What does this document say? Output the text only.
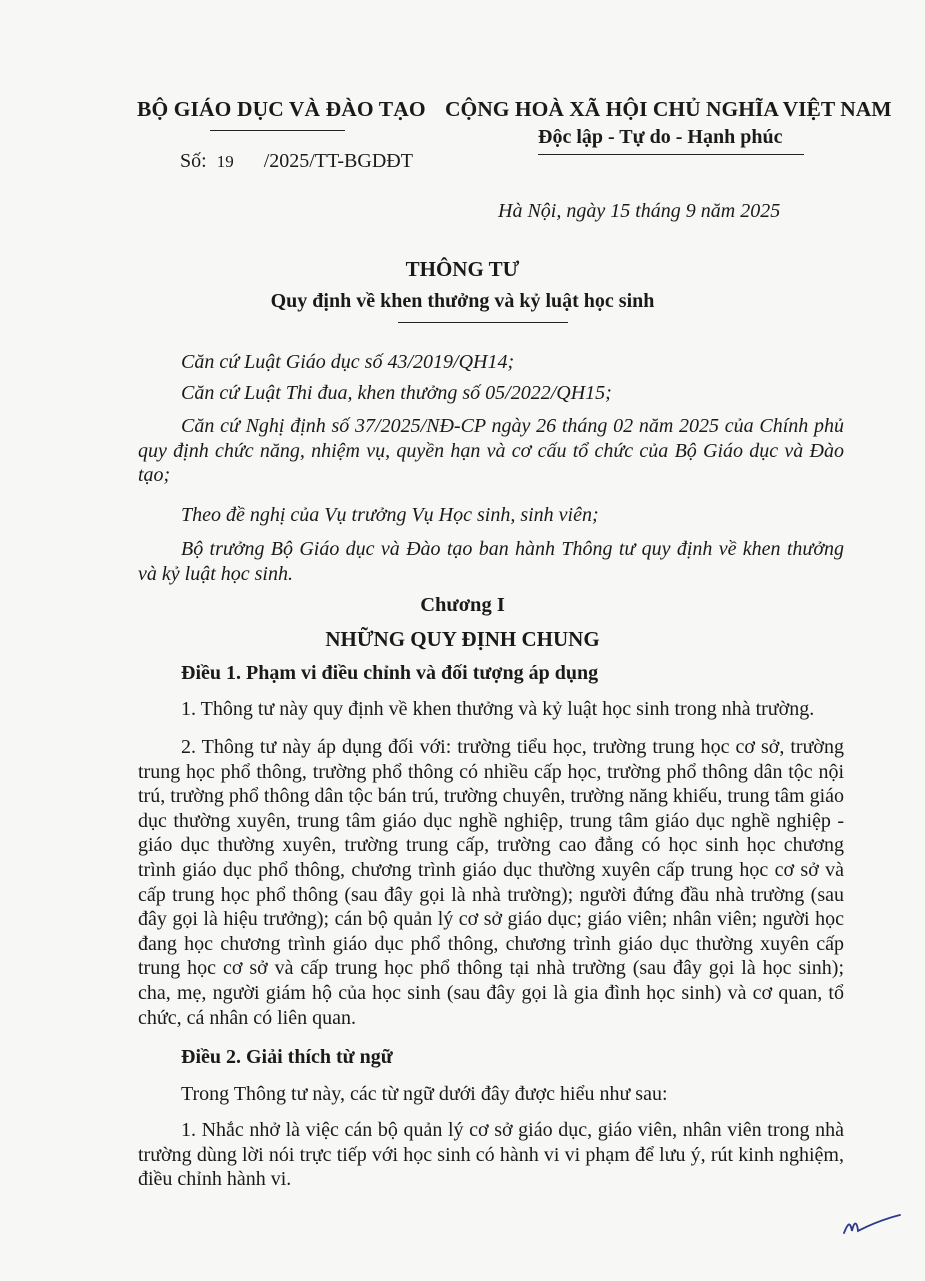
BỘ GIÁO DỤC VÀ ĐÀO TẠO CỘNG HOÀ XÃ HỘI CHỦ NGHĨA VIỆT NAM
Độc lập - Tự do - Hạnh phúc
Số: 19 /2025/TT-BGDĐT
Hà Nội, ngày 15 tháng 9 năm 2025
THÔNG TƯ
Quy định về khen thưởng và kỷ luật học sinh
Căn cứ Luật Giáo dục số 43/2019/QH14;
Căn cứ Luật Thi đua, khen thưởng số 05/2022/QH15;
Căn cứ Nghị định số 37/2025/NĐ-CP ngày 26 tháng 02 năm 2025 của Chính phủ quy định chức năng, nhiệm vụ, quyền hạn và cơ cấu tổ chức của Bộ Giáo dục và Đào tạo;
Theo đề nghị của Vụ trưởng Vụ Học sinh, sinh viên;
Bộ trưởng Bộ Giáo dục và Đào tạo ban hành Thông tư quy định về khen thưởng và kỷ luật học sinh.
Chương I
NHỮNG QUY ĐỊNH CHUNG
Điều 1. Phạm vi điều chỉnh và đối tượng áp dụng
1. Thông tư này quy định về khen thưởng và kỷ luật học sinh trong nhà trường.
2. Thông tư này áp dụng đối với: trường tiểu học, trường trung học cơ sở, trường trung học phổ thông, trường phổ thông có nhiều cấp học, trường phổ thông dân tộc nội trú, trường phổ thông dân tộc bán trú, trường chuyên, trường năng khiếu, trung tâm giáo dục thường xuyên, trung tâm giáo dục nghề nghiệp, trung tâm giáo dục nghề nghiệp - giáo dục thường xuyên, trường trung cấp, trường cao đẳng có học sinh học chương trình giáo dục phổ thông, chương trình giáo dục thường xuyên cấp trung học cơ sở và cấp trung học phổ thông (sau đây gọi là nhà trường); người đứng đầu nhà trường (sau đây gọi là hiệu trưởng); cán bộ quản lý cơ sở giáo dục; giáo viên; nhân viên; người học đang học chương trình giáo dục phổ thông, chương trình giáo dục thường xuyên cấp trung học cơ sở và cấp trung học phổ thông tại nhà trường (sau đây gọi là học sinh); cha, mẹ, người giám hộ của học sinh (sau đây gọi là gia đình học sinh) và cơ quan, tổ chức, cá nhân có liên quan.
Điều 2. Giải thích từ ngữ
Trong Thông tư này, các từ ngữ dưới đây được hiểu như sau:
1. Nhắc nhở là việc cán bộ quản lý cơ sở giáo dục, giáo viên, nhân viên trong nhà trường dùng lời nói trực tiếp với học sinh có hành vi vi phạm để lưu ý, rút kinh nghiệm, điều chỉnh hành vi.
